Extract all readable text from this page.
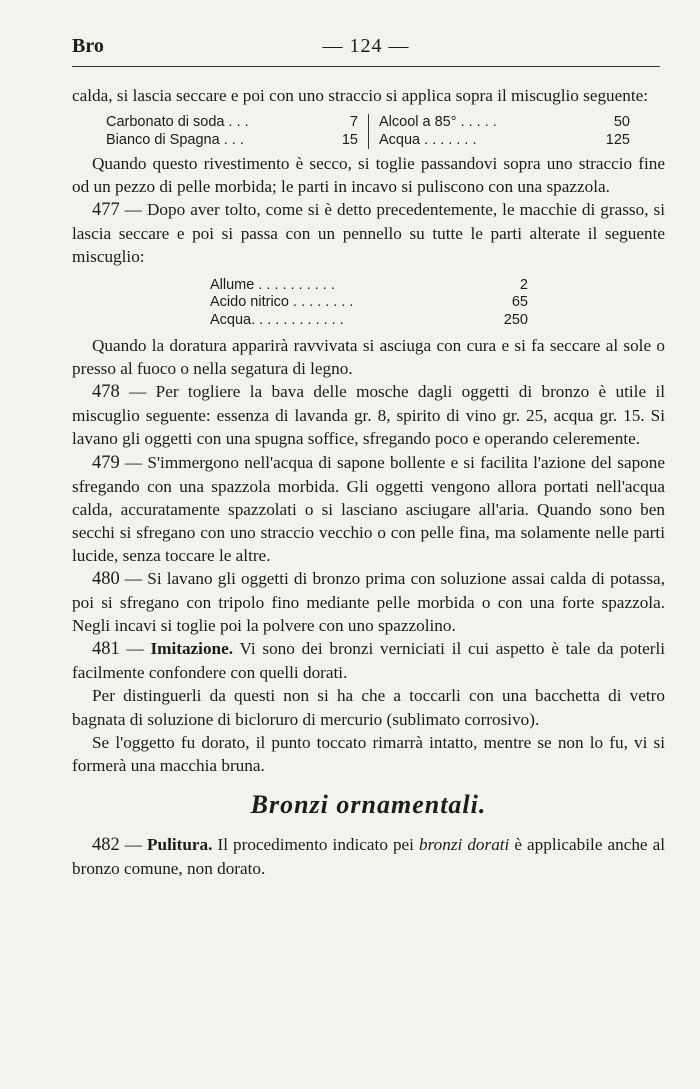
— 124 —
Bro

calda, si lascia seccare e poi con uno straccio si applica sopra il miscuglio seguente:

Carbonato di soda . . .	7
Bianco di Spagna . . .	15
Alcool a 85° . . . . .	50
Acqua . . . . . . .	125

Quando questo rivestimento è secco, si toglie passandovi sopra uno straccio fine od un pezzo di pelle morbida; le parti in incavo si puliscono con una spazzola.

477 — Dopo aver tolto, come si è detto precedentemente, le macchie di grasso, si lascia seccare e poi si passa con un pennello su tutte le parti alterate il seguente miscuglio:

Allume . . . . . . . . . .	2
Acido nitrico . . . . . . . .	65
Acqua. . . . . . . . . . . .	250

Quando la doratura apparirà ravvivata si asciuga con cura e si fa seccare al sole o presso al fuoco o nella segatura di legno.

478 — Per togliere la bava delle mosche dagli oggetti di bronzo è utile il miscuglio seguente: essenza di lavanda gr. 8, spirito di vino gr. 25, acqua gr. 15. Si lavano gli oggetti con una spugna soffice, sfregando poco e operando celeremente.

479 — S'immergono nell'acqua di sapone bollente e si facilita l'azione del sapone sfregando con una spazzola morbida. Gli oggetti vengono allora portati nell'acqua calda, accuratamente spazzolati o si lasciano asciugare all'aria. Quando sono ben secchi si sfregano con uno straccio vecchio o con pelle fina, ma solamente nelle parti lucide, senza toccare le altre.

480 — Si lavano gli oggetti di bronzo prima con soluzione assai calda di potassa, poi si sfregano con tripolo fino mediante pelle morbida o con una forte spazzola. Negli incavi si toglie poi la polvere con uno spazzolino.

481 — Imitazione. Vi sono dei bronzi verniciati il cui aspetto è tale da poterli facilmente confondere con quelli dorati.

Per distinguerli da questi non si ha che a toccarli con una bacchetta di vetro bagnata di soluzione di bicloruro di mercurio (sublimato corrosivo).

Se l'oggetto fu dorato, il punto toccato rimarrà intatto, mentre se non lo fu, vi si formerà una macchia bruna.

Bronzi ornamentali.

482 — Pulitura. Il procedimento indicato pei bronzi dorati è applicabile anche al bronzo comune, non dorato.
